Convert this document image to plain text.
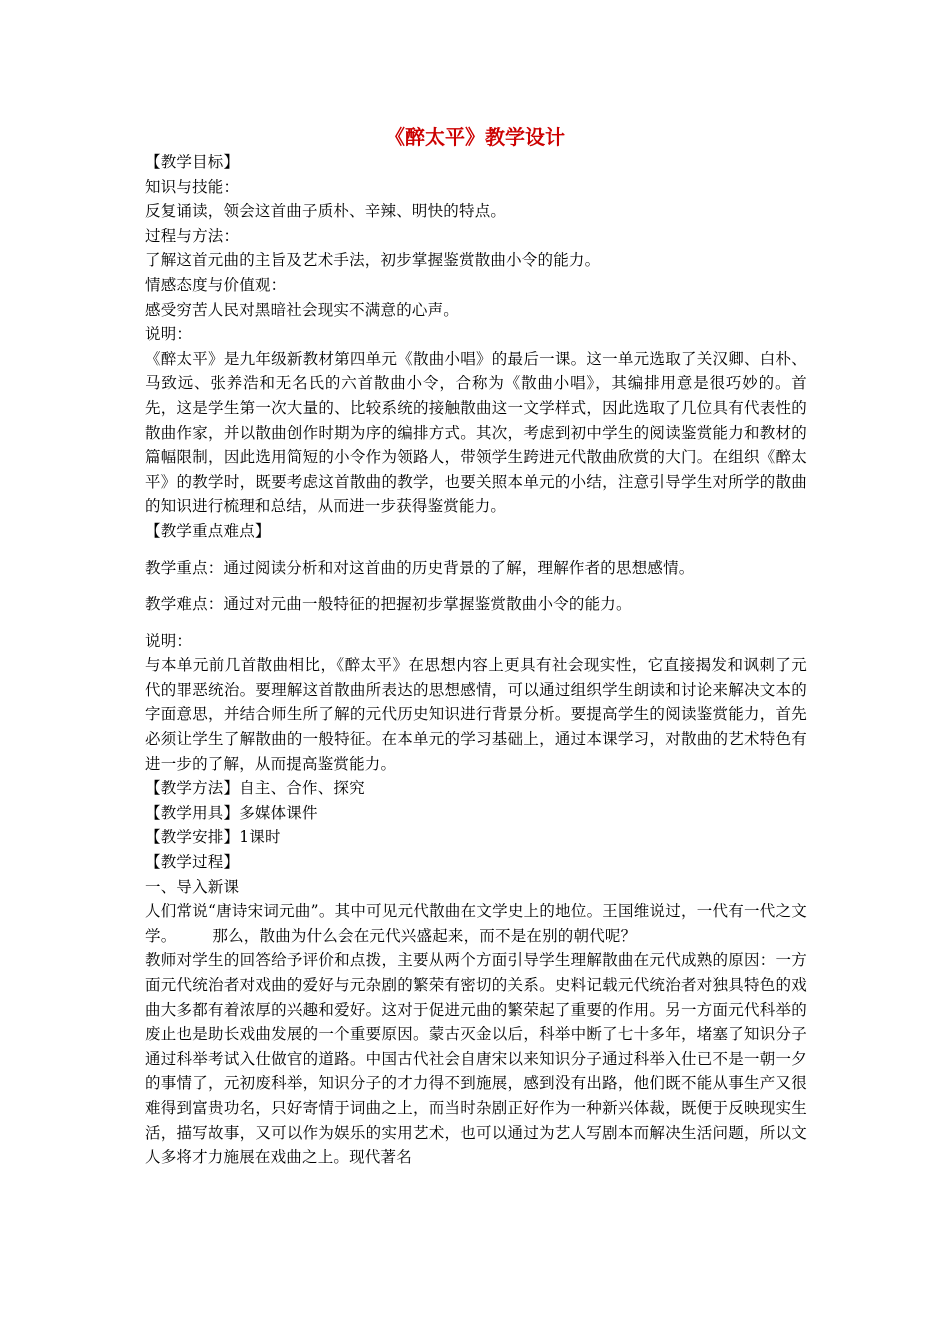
《醉太平》教学设计

【教学目标】

知识与技能：

反复诵读，领会这首曲子质朴、辛辣、明快的特点。

过程与方法：

了解这首元曲的主旨及艺术手法，初步掌握鉴赏散曲小令的能力。

情感态度与价值观：

感受穷苦人民对黑暗社会现实不满意的心声。

说明：

《醉太平》是九年级新教材第四单元《散曲小唱》的最后一课。这一单元选取了关汉卿、白朴、马致远、张养浩和无名氏的六首散曲小令，合称为《散曲小唱》，其编排用意是很巧妙的。首先，这是学生第一次大量的、比较系统的接触散曲这一文学样式，因此选取了几位具有代表性的散曲作家，并以散曲创作时期为序的编排方式。其次，考虑到初中学生的阅读鉴赏能力和教材的篇幅限制，因此选用简短的小令作为领路人，带领学生跨进元代散曲欣赏的大门。在组织《醉太平》的教学时，既要考虑这首散曲的教学，也要关照本单元的小结，注意引导学生对所学的散曲的知识进行梳理和总结，从而进一步获得鉴赏能力。

【教学重点难点】

教学重点：通过阅读分析和对这首曲的历史背景的了解，理解作者的思想感情。

教学难点：通过对元曲一般特征的把握初步掌握鉴赏散曲小令的能力。

说明：

与本单元前几首散曲相比，《醉太平》在思想内容上更具有社会现实性，它直接揭发和讽刺了元代的罪恶统治。要理解这首散曲所表达的思想感情，可以通过组织学生朗读和讨论来解决文本的字面意思，并结合师生所了解的元代历史知识进行背景分析。要提高学生的阅读鉴赏能力，首先必须让学生了解散曲的一般特征。在本单元的学习基础上，通过本课学习，对散曲的艺术特色有进一步的了解，从而提高鉴赏能力。

【教学方法】自主、合作、探究

【教学用具】多媒体课件

【教学安排】1课时

【教学过程】

一、导入新课

人们常说“唐诗宋词元曲”。其中可见元代散曲在文学史上的地位。王国维说过，一代有一代之文学。 那么，散曲为什么会在元代兴盛起来，而不是在别的朝代呢？

教师对学生的回答给予评价和点拨，主要从两个方面引导学生理解散曲在元代成熟的原因：一方面元代统治者对戏曲的爱好与元杂剧的繁荣有密切的关系。史料记载元代统治者对独具特色的戏曲大多都有着浓厚的兴趣和爱好。这对于促进元曲的繁荣起了重要的作用。另一方面元代科举的废止也是助长戏曲发展的一个重要原因。蒙古灭金以后，科举中断了七十多年，堵塞了知识分子通过科举考试入仕做官的道路。中国古代社会自唐宋以来知识分子通过科举入仕已不是一朝一夕的事情了，元初废科举，知识分子的才力得不到施展，感到没有出路，他们既不能从事生产又很难得到富贵功名，只好寄情于词曲之上，而当时杂剧正好作为一种新兴体裁，既便于反映现实生活，描写故事，又可以作为娱乐的实用艺术，也可以通过为艺人写剧本而解决生活问题，所以文人多将才力施展在戏曲之上。现代著名
